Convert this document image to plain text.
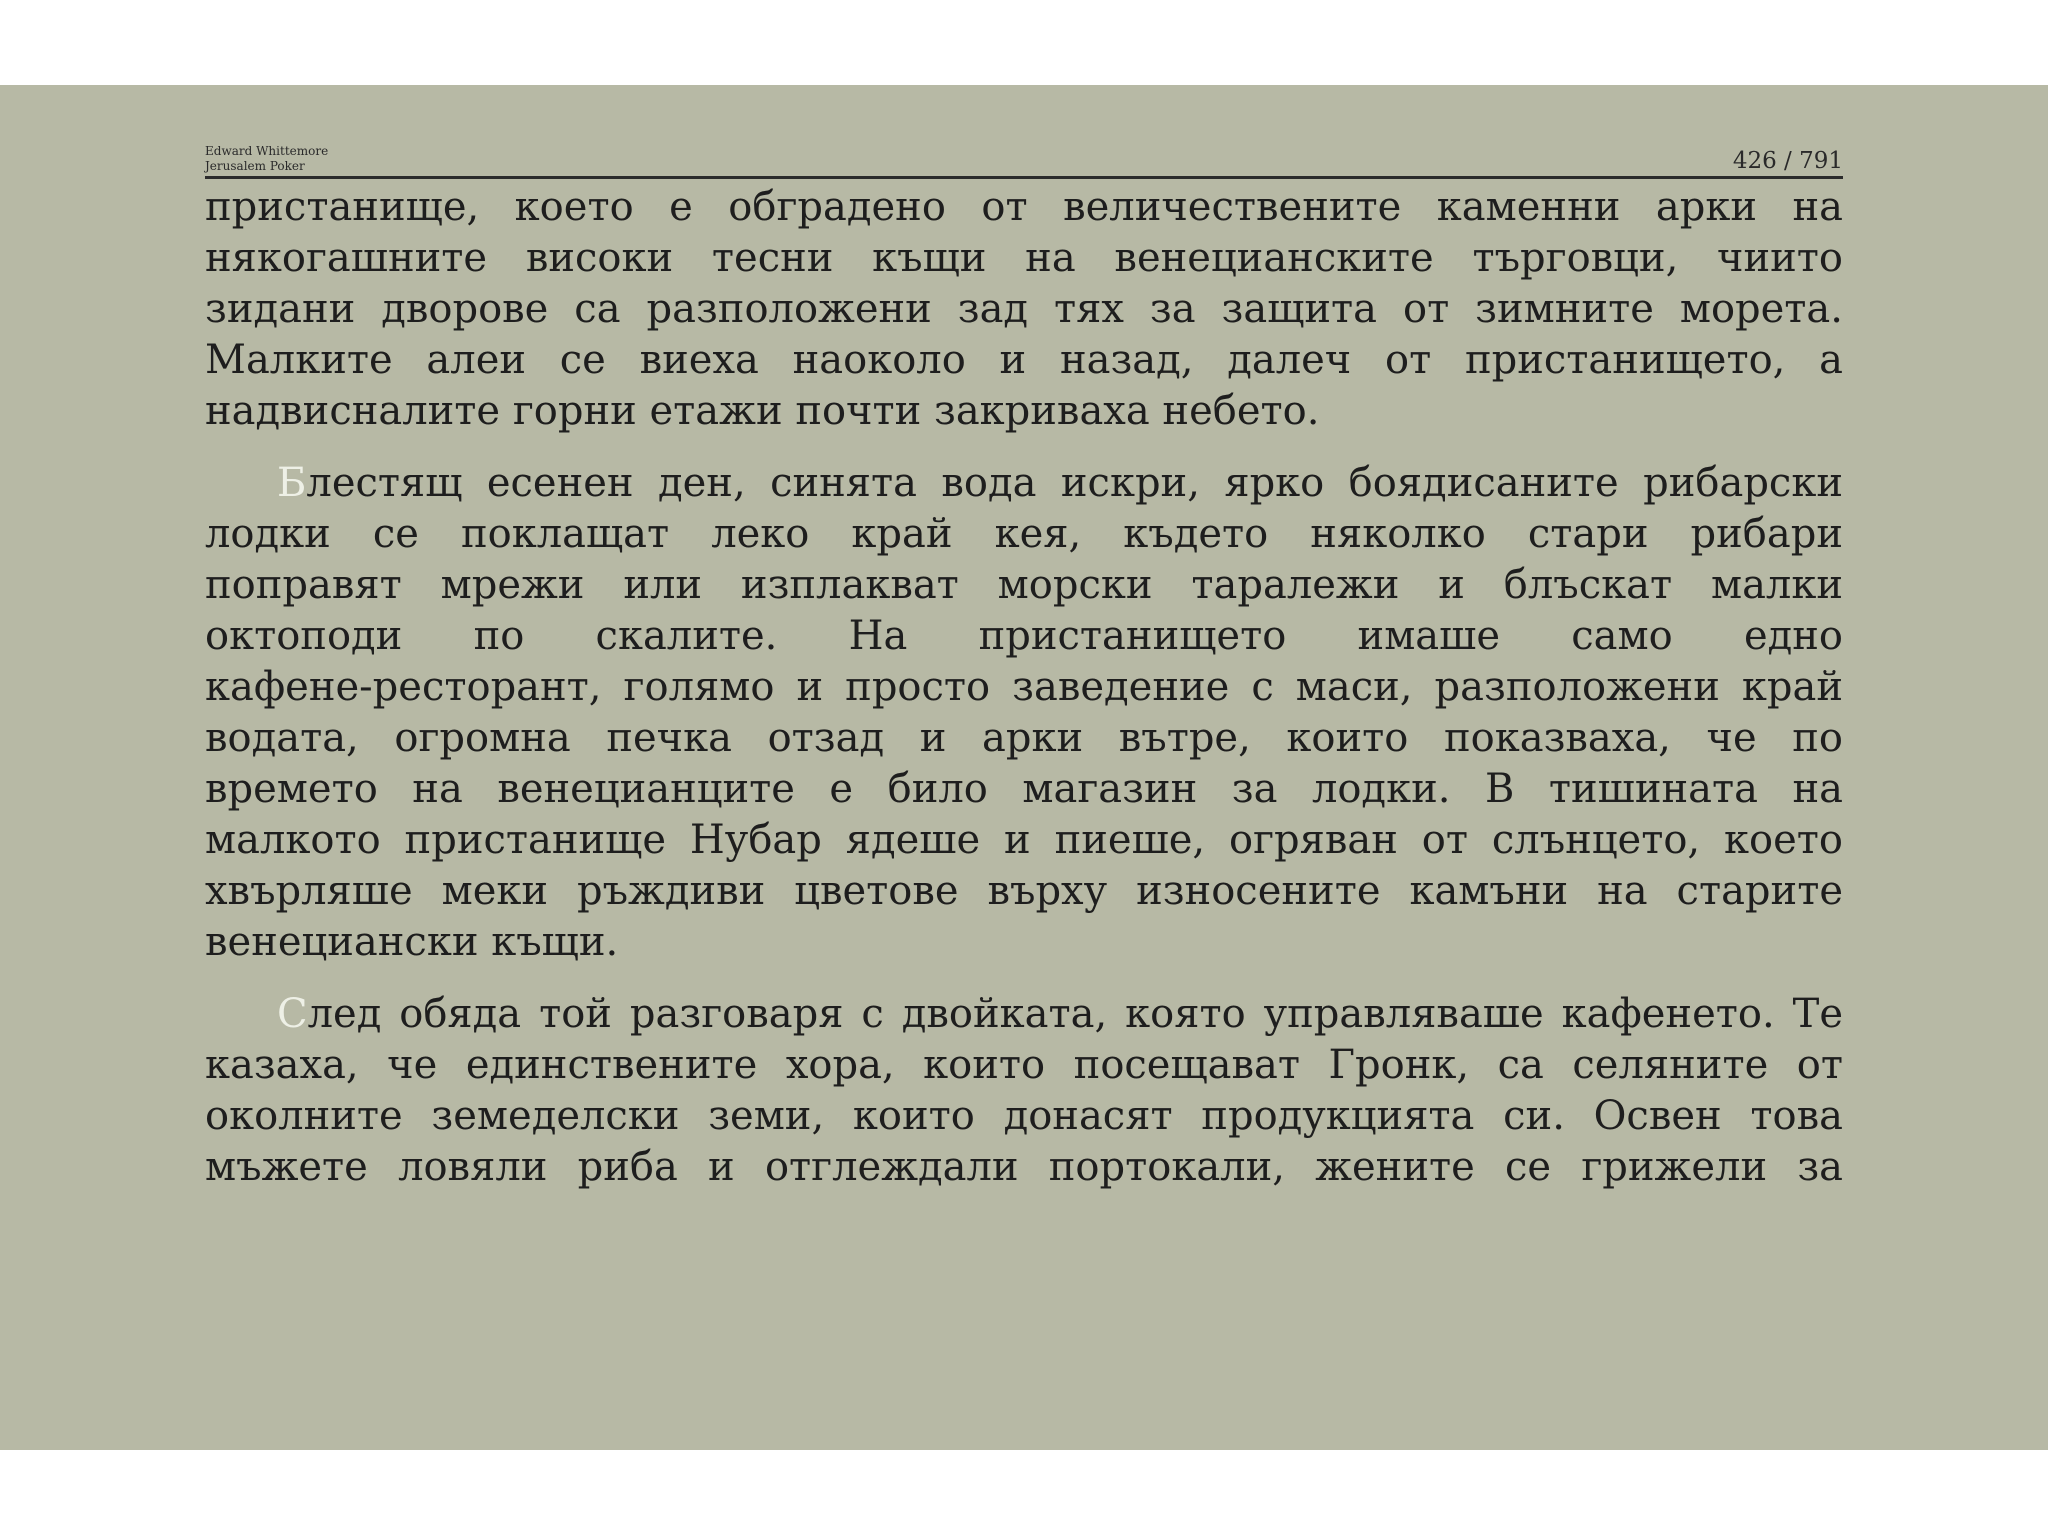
Edward Whittemore
Jerusalem Poker	426 / 791
пристанище, което е обградено от величествените каменни арки на
някогашните високи тесни къщи на венецианските търговци, чиито
зидани дворове са разположени зад тях за защита от зимните морета.
Малките алеи се виеха наоколо и назад, далеч от пристанището, а
надвисналите горни етажи почти закриваха небето.
Блестящ есенен ден, синята вода искри, ярко боядисаните рибарски
лодки се поклащат леко край кея, където няколко стари рибари
поправят мрежи или изплакват морски таралежи и блъскат малки
октоподи по скалите. На пристанището имаше само едно
кафене-ресторант, голямо и просто заведение с маси, разположени край
водата, огромна печка отзад и арки вътре, които показваха, че по
времето на венецианците е било магазин за лодки. В тишината на
малкото пристанище Нубар ядеше и пиеше, огряван от слънцето, което
хвърляше меки ръждиви цветове върху износените камъни на старите
венециански къщи.
След обяда той разговаря с двойката, която управляваше кафенето. Те
казаха, че единствените хора, които посещават Гронк, са селяните от
околните земеделски земи, които донасят продукцията си. Освен това
мъжете ловяли риба и отглеждали портокали, жените се грижели за
